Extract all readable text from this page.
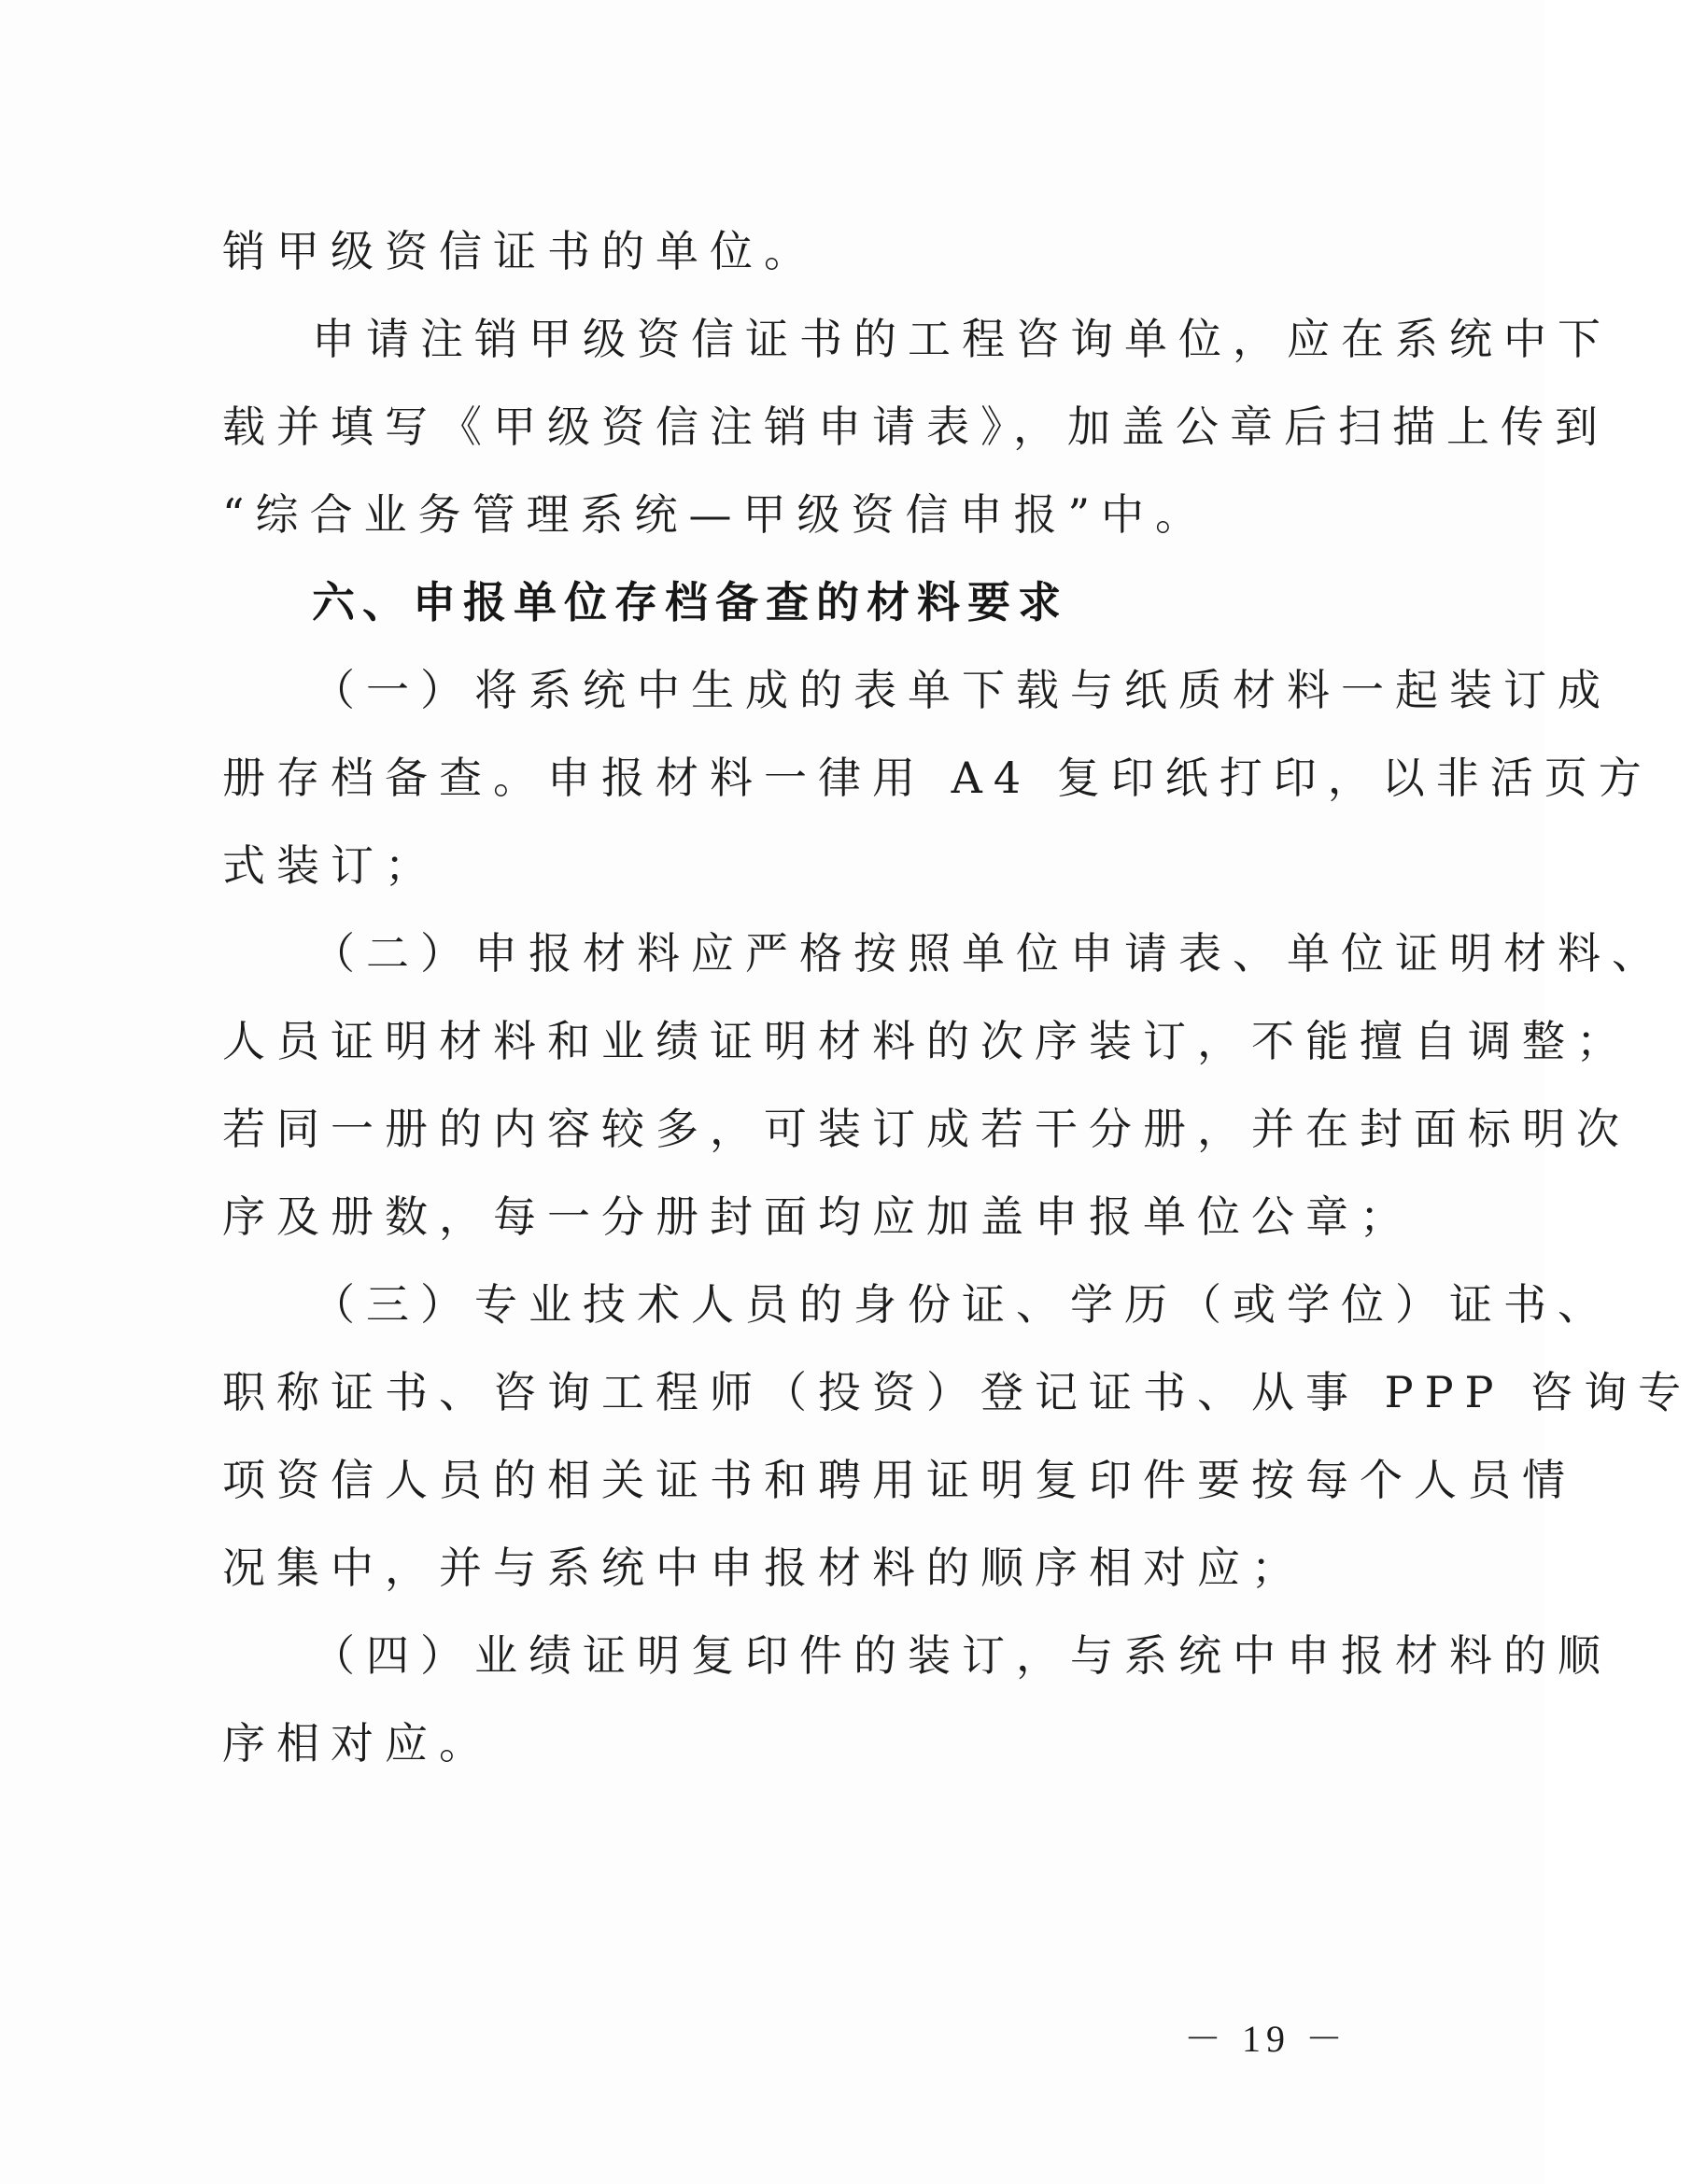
销甲级资信证书的单位。
申请注销甲级资信证书的工程咨询单位，应在系统中下
载并填写《甲级资信注销申请表》，加盖公章后扫描上传到
“综合业务管理系统—甲级资信申报”中。
六、申报单位存档备查的材料要求
（一）将系统中生成的表单下载与纸质材料一起装订成
册存档备查。申报材料一律用 A4 复印纸打印，以非活页方
式装订；
（二）申报材料应严格按照单位申请表、单位证明材料、
人员证明材料和业绩证明材料的次序装订，不能擅自调整；
若同一册的内容较多，可装订成若干分册，并在封面标明次
序及册数，每一分册封面均应加盖申报单位公章；
（三）专业技术人员的身份证、学历（或学位）证书、
职称证书、咨询工程师（投资）登记证书、从事 PPP 咨询专
项资信人员的相关证书和聘用证明复印件要按每个人员情
况集中，并与系统中申报材料的顺序相对应；
（四）业绩证明复印件的装订，与系统中申报材料的顺
序相对应。
－ 19 －
